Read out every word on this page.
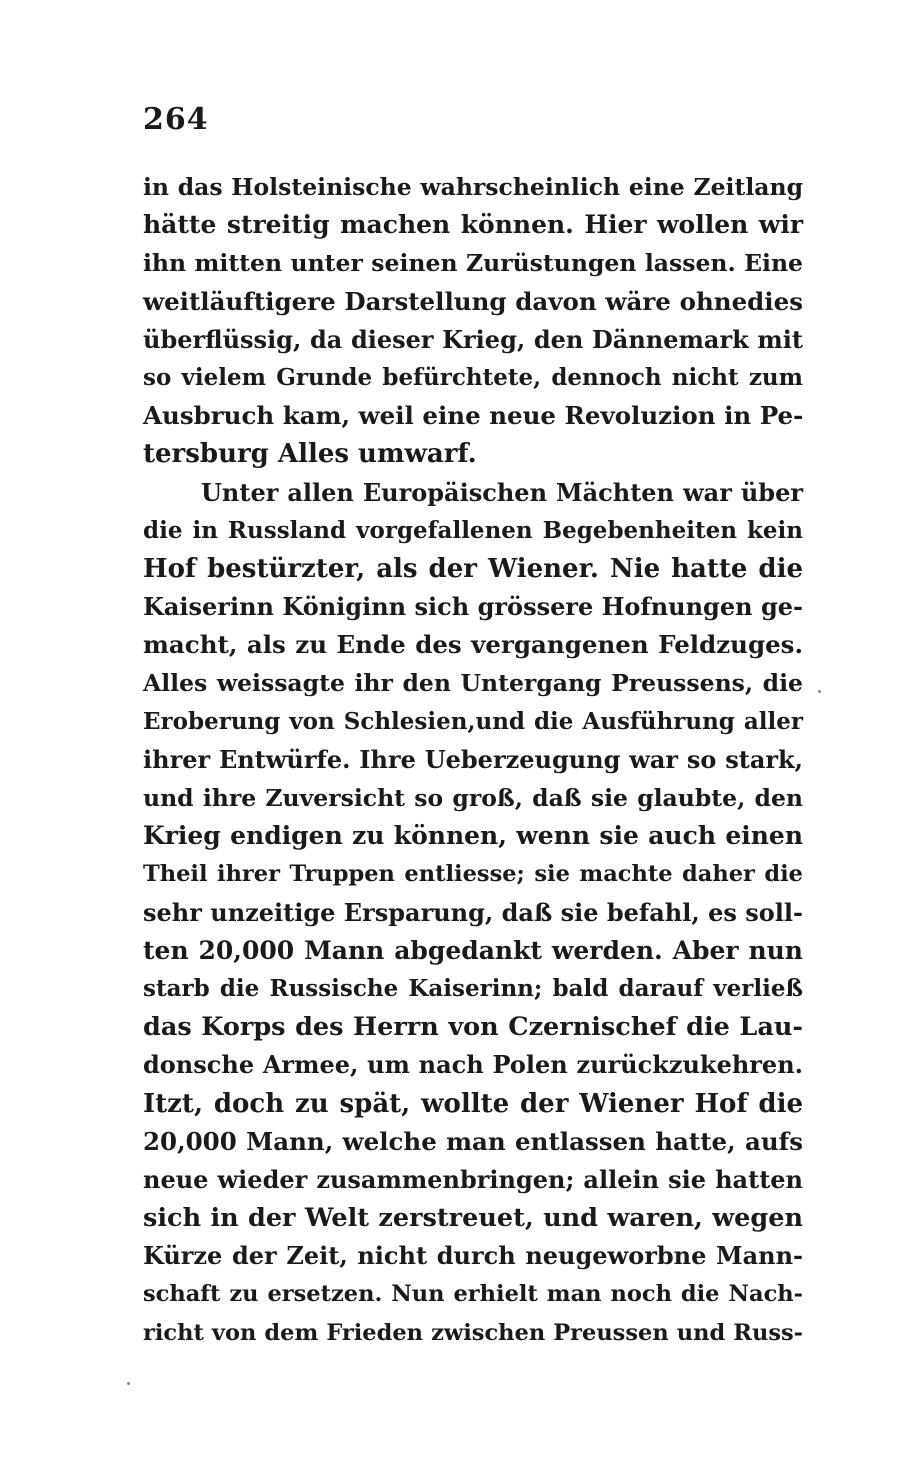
264
in das Holsteinische wahrscheinlich eine Zeitlang
hätte streitig machen können. Hier wollen wir
ihn mitten unter seinen Zurüstungen lassen. Eine
weitläuftigere Darstellung davon wäre ohnedies
überflüssig, da dieser Krieg, den Dännemark mit
so vielem Grunde befürchtete, dennoch nicht zum
Ausbruch kam, weil eine neue Revoluzion in Pe-
tersburg Alles umwarf.
Unter allen Europäischen Mächten war über
die in Russland vorgefallenen Begebenheiten kein
Hof bestürzter, als der Wiener. Nie hatte die
Kaiserinn Königinn sich grössere Hofnungen ge-
macht, als zu Ende des vergangenen Feldzuges.
Alles weissagte ihr den Untergang Preussens, die
Eroberung von Schlesien,und die Ausführung aller
ihrer Entwürfe. Ihre Ueberzeugung war so stark,
und ihre Zuversicht so groß, daß sie glaubte, den
Krieg endigen zu können, wenn sie auch einen
Theil ihrer Truppen entliesse; sie machte daher die
sehr unzeitige Ersparung, daß sie befahl, es soll-
ten 20,000 Mann abgedankt werden. Aber nun
starb die Russische Kaiserinn; bald darauf verließ
das Korps des Herrn von Czernischef die Lau-
donsche Armee, um nach Polen zurückzukehren.
Itzt, doch zu spät, wollte der Wiener Hof die
20,000 Mann, welche man entlassen hatte, aufs
neue wieder zusammenbringen; allein sie hatten
sich in der Welt zerstreuet, und waren, wegen
Kürze der Zeit, nicht durch neugeworbne Mann-
schaft zu ersetzen. Nun erhielt man noch die Nach-
richt von dem Frieden zwischen Preussen und Russ-
